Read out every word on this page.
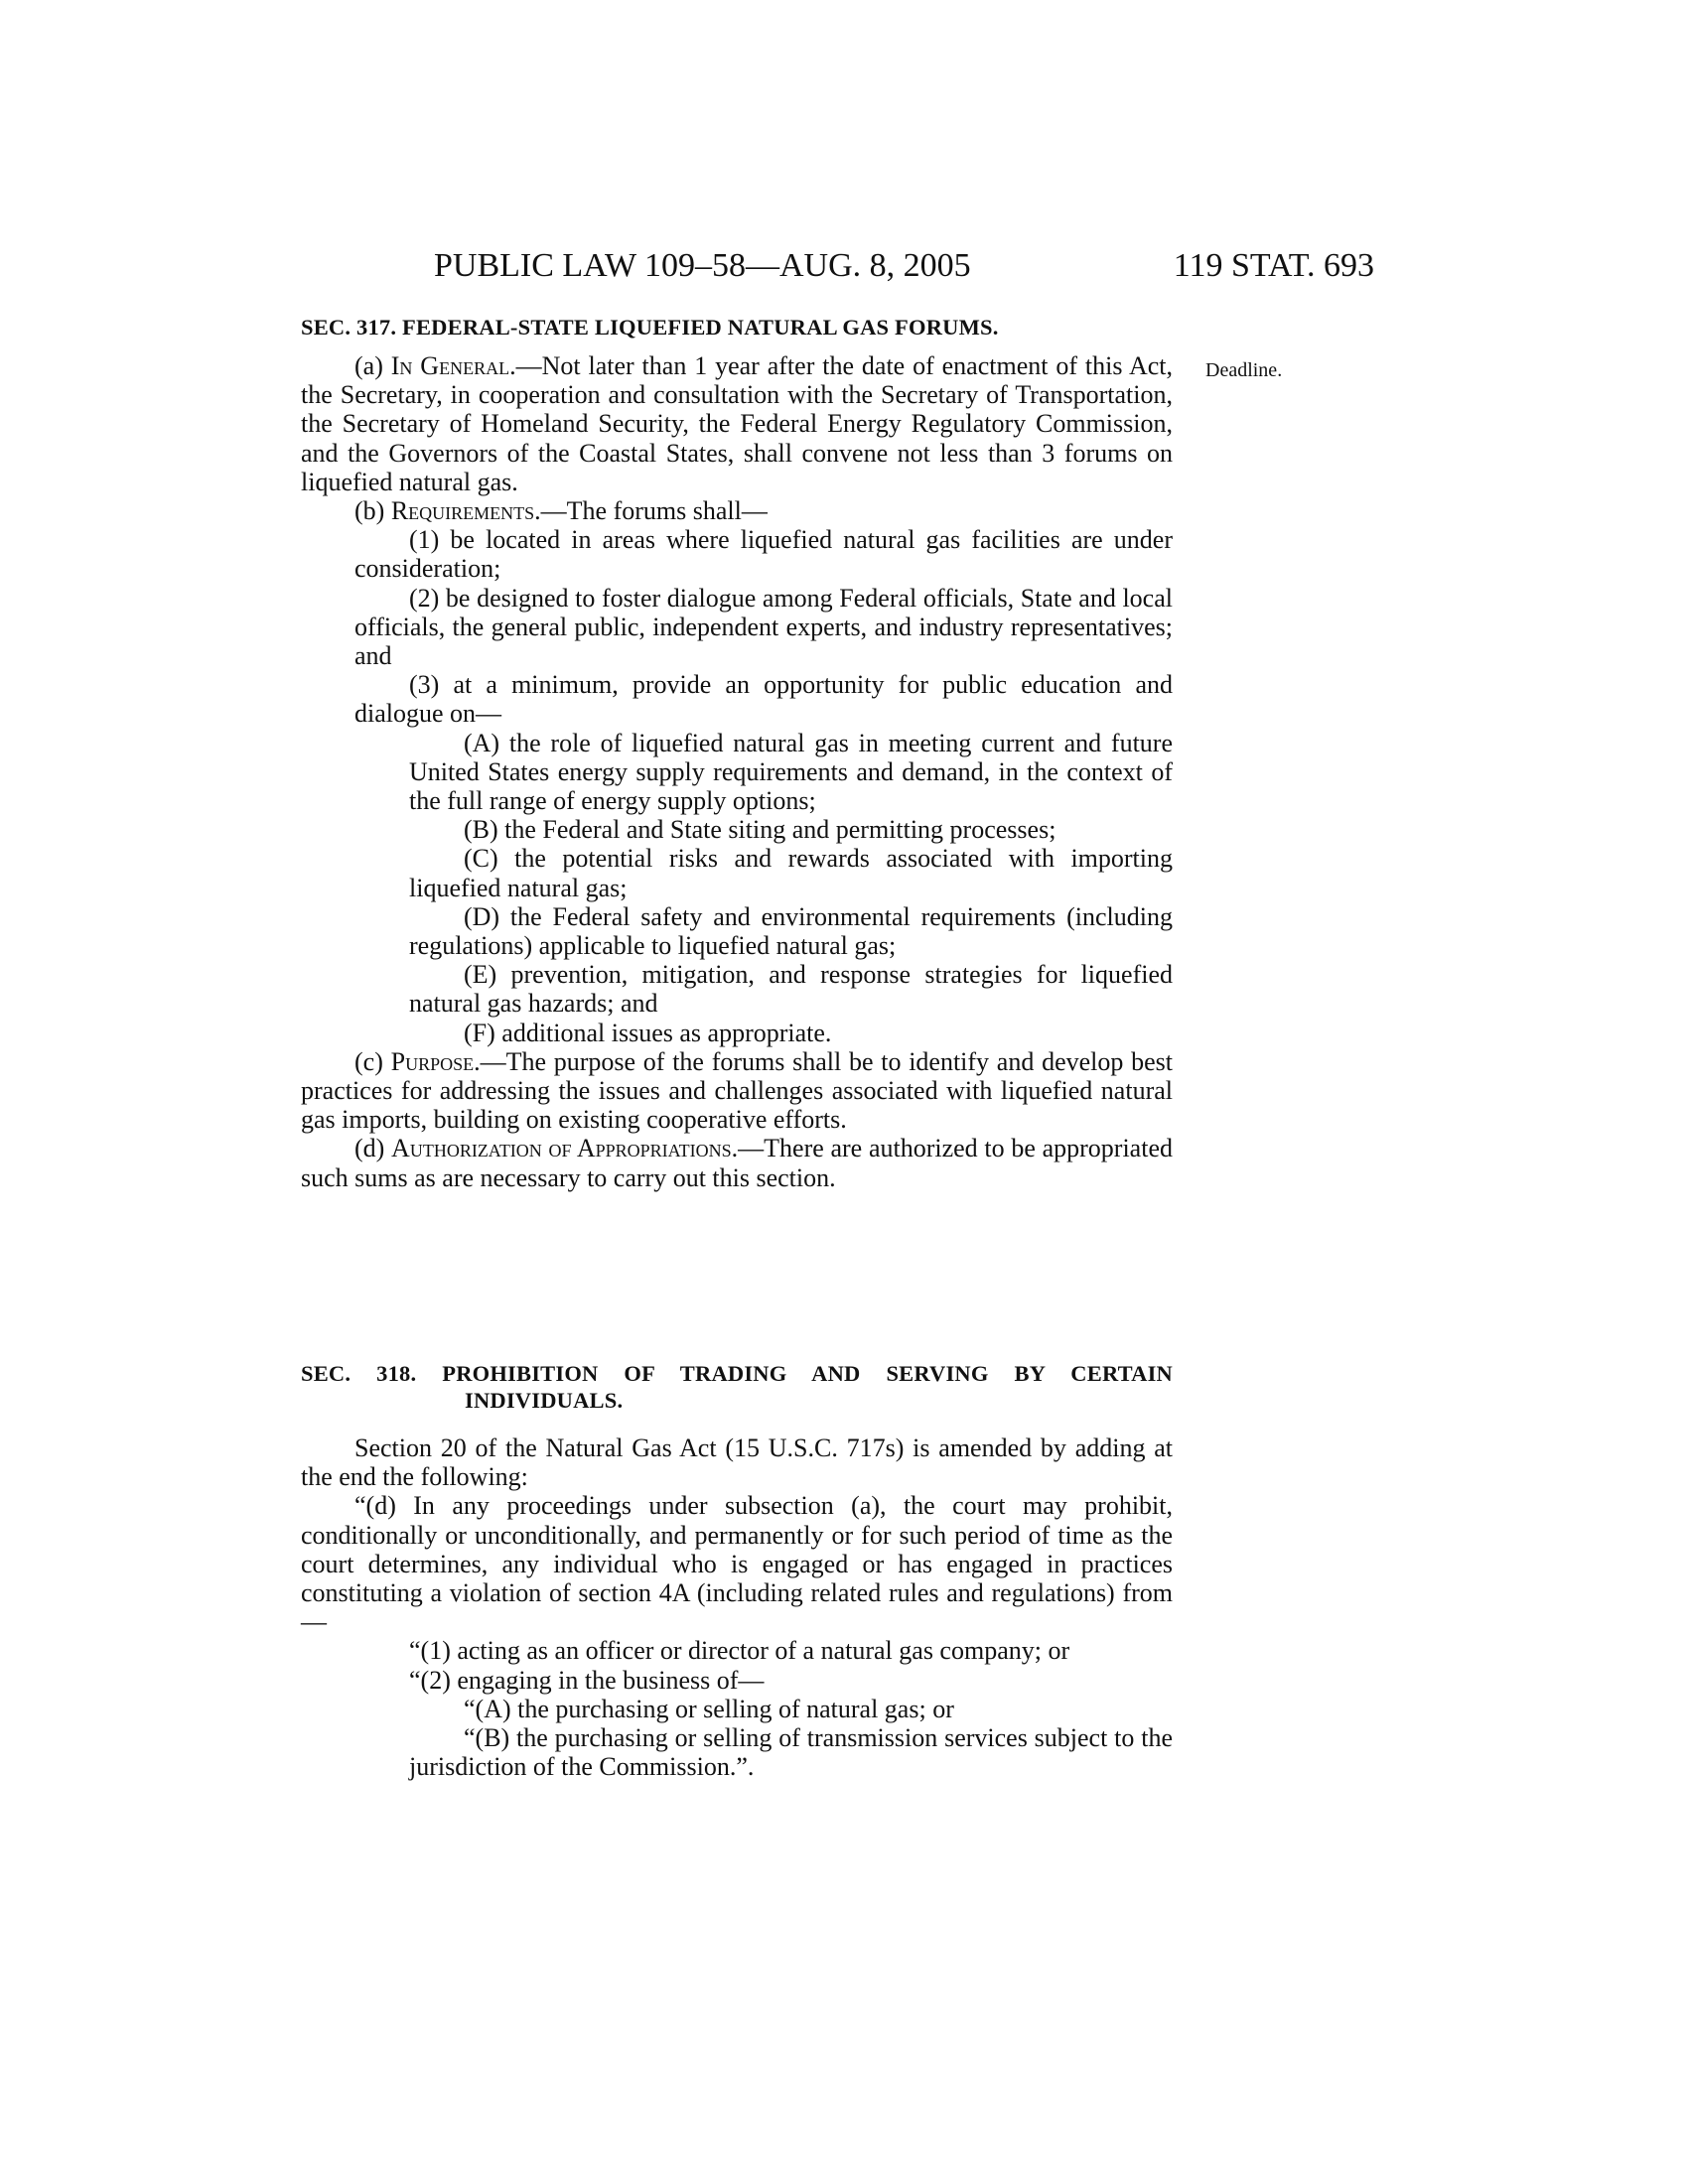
PUBLIC LAW 109–58—AUG. 8, 2005	119 STAT. 693
Deadline.

SEC. 317. FEDERAL-STATE LIQUEFIED NATURAL GAS FORUMS.

(a) In General.—Not later than 1 year after the date of enactment of this Act, the Secretary, in cooperation and consultation with the Secretary of Transportation, the Secretary of Homeland Security, the Federal Energy Regulatory Commission, and the Governors of the Coastal States, shall convene not less than 3 forums on liquefied natural gas.

(b) Requirements.—The forums shall—

(1) be located in areas where liquefied natural gas facilities are under consideration;

(2) be designed to foster dialogue among Federal officials, State and local officials, the general public, independent experts, and industry representatives; and

(3) at a minimum, provide an opportunity for public education and dialogue on—

(A) the role of liquefied natural gas in meeting current and future United States energy supply requirements and demand, in the context of the full range of energy supply options;

(B) the Federal and State siting and permitting processes;

(C) the potential risks and rewards associated with importing liquefied natural gas;

(D) the Federal safety and environmental requirements (including regulations) applicable to liquefied natural gas;

(E) prevention, mitigation, and response strategies for liquefied natural gas hazards; and

(F) additional issues as appropriate.

(c) Purpose.—The purpose of the forums shall be to identify and develop best practices for addressing the issues and challenges associated with liquefied natural gas imports, building on existing cooperative efforts.

(d) Authorization of Appropriations.—There are authorized to be appropriated such sums as are necessary to carry out this section.

SEC. 318. PROHIBITION OF TRADING AND SERVING BY CERTAIN INDIVIDUALS.

Section 20 of the Natural Gas Act (15 U.S.C. 717s) is amended by adding at the end the following:

“(d) In any proceedings under subsection (a), the court may prohibit, conditionally or unconditionally, and permanently or for such period of time as the court determines, any individual who is engaged or has engaged in practices constituting a violation of section 4A (including related rules and regulations) from—

“(1) acting as an officer or director of a natural gas company; or

“(2) engaging in the business of—

“(A) the purchasing or selling of natural gas; or

“(B) the purchasing or selling of transmission services subject to the jurisdiction of the Commission.”.
